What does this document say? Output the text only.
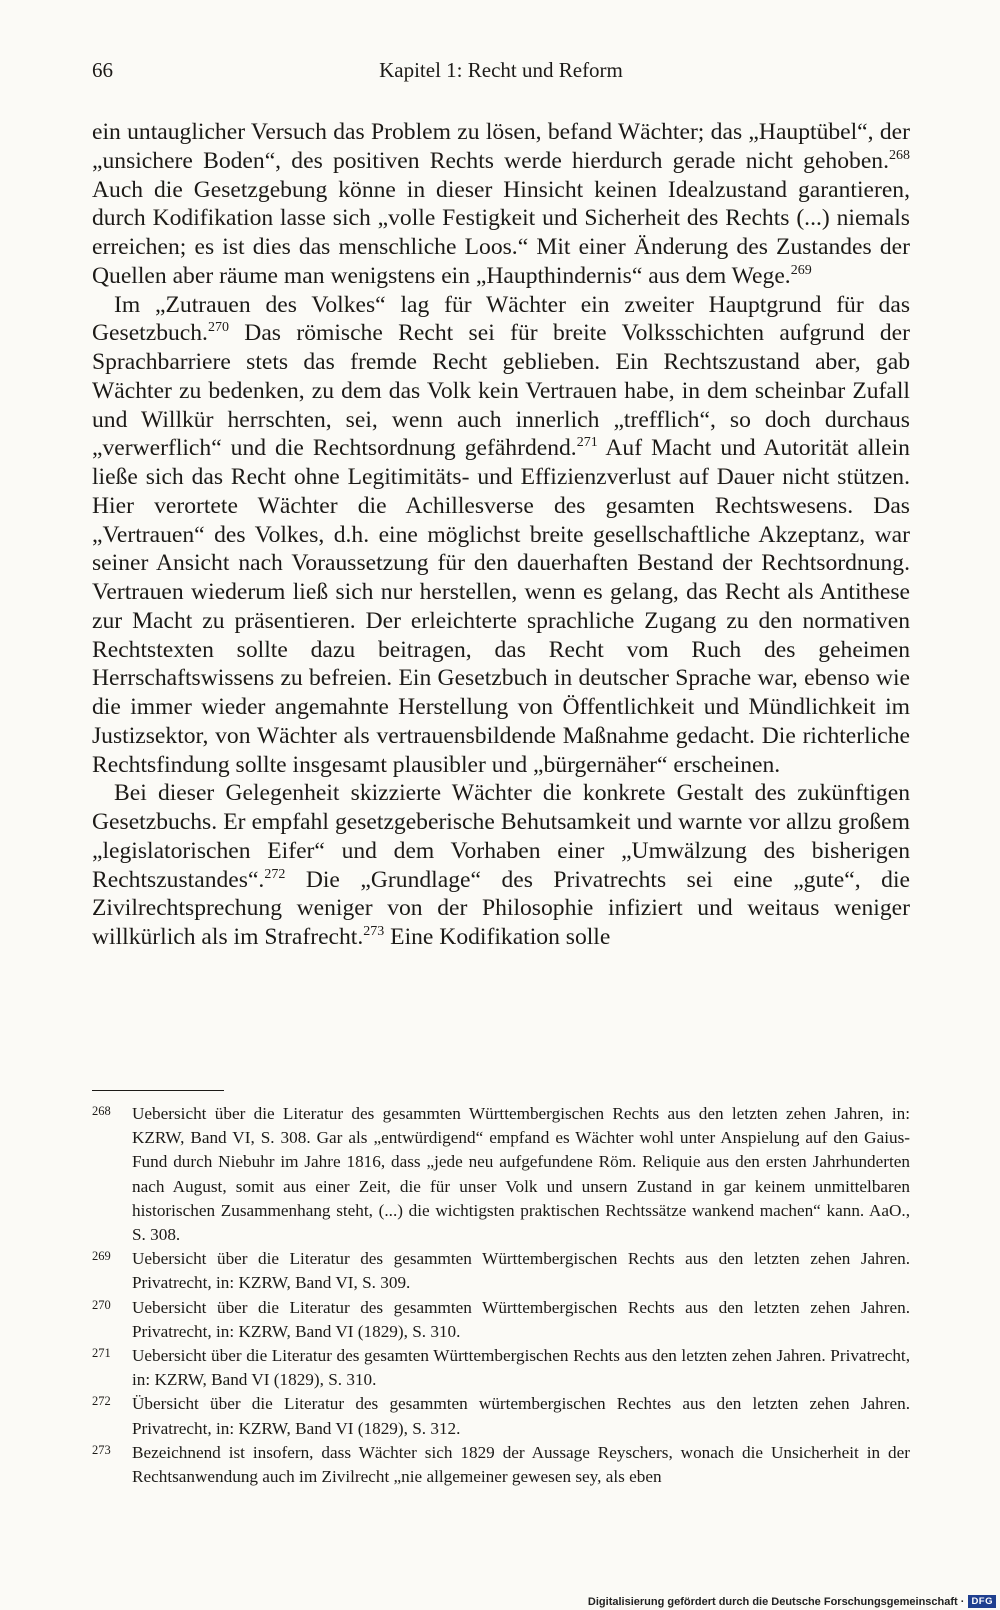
66	Kapitel 1: Recht und Reform

ein untauglicher Versuch das Problem zu lösen, befand Wächter; das „Hauptübel“, der „unsichere Boden“, des positiven Rechts werde hierdurch gerade nicht gehoben.$^{268}$ Auch die Gesetzgebung könne in dieser Hinsicht keinen Idealzustand garantieren, durch Kodifikation lasse sich „volle Festigkeit und Sicherheit des Rechts (...) niemals erreichen; es ist dies das menschliche Loos.“ Mit einer Änderung des Zustandes der Quellen aber räume man wenigstens ein „Haupthindernis“ aus dem Wege.$^{269}$

Im „Zutrauen des Volkes“ lag für Wächter ein zweiter Hauptgrund für das Gesetzbuch.$^{270}$ Das römische Recht sei für breite Volksschichten aufgrund der Sprachbarriere stets das fremde Recht geblieben. Ein Rechtszustand aber, gab Wächter zu bedenken, zu dem das Volk kein Vertrauen habe, in dem scheinbar Zufall und Willkür herrschten, sei, wenn auch innerlich „trefflich“, so doch durchaus „verwerflich“ und die Rechtsordnung gefährdend.$^{271}$ Auf Macht und Autorität allein ließe sich das Recht ohne Legitimitäts- und Effizienzverlust auf Dauer nicht stützen. Hier verortete Wächter die Achillesverse des gesamten Rechtswesens. Das „Vertrauen“ des Volkes, d.h. eine möglichst breite gesellschaftliche Akzeptanz, war seiner Ansicht nach Voraussetzung für den dauerhaften Bestand der Rechtsordnung. Vertrauen wiederum ließ sich nur herstellen, wenn es gelang, das Recht als Antithese zur Macht zu präsentieren. Der erleichterte sprachliche Zugang zu den normativen Rechtstexten sollte dazu beitragen, das Recht vom Ruch des geheimen Herrschaftswissens zu befreien. Ein Gesetzbuch in deutscher Sprache war, ebenso wie die immer wieder angemahnte Herstellung von Öffentlichkeit und Mündlichkeit im Justizsektor, von Wächter als vertrauensbildende Maßnahme gedacht. Die richterliche Rechtsfindung sollte insgesamt plausibler und „bürgernäher“ erscheinen.

Bei dieser Gelegenheit skizzierte Wächter die konkrete Gestalt des zukünftigen Gesetzbuchs. Er empfahl gesetzgeberische Behutsamkeit und warnte vor allzu großem „legislatorischen Eifer“ und dem Vorhaben einer „Umwälzung des bisherigen Rechtszustandes“.$^{272}$ Die „Grundlage“ des Privatrechts sei eine „gute“, die Zivilrechtsprechung weniger von der Philosophie infiziert und weitaus weniger willkürlich als im Strafrecht.$^{273}$ Eine Kodifikation solle

268 Uebersicht über die Literatur des gesammten Württembergischen Rechts aus den letzten zehen Jahren, in: KZRW, Band VI, S. 308. Gar als „entwürdigend“ empfand es Wächter wohl unter Anspielung auf den Gaius-Fund durch Niebuhr im Jahre 1816, dass „jede neu aufgefundene Röm. Reliquie aus den ersten Jahrhunderten nach August, somit aus einer Zeit, die für unser Volk und unsern Zustand in gar keinem unmittelbaren historischen Zusammenhang steht, (...) die wichtigsten praktischen Rechtssätze wankend machen“ kann. AaO., S. 308.
269 Uebersicht über die Literatur des gesammten Württembergischen Rechts aus den letzten zehen Jahren. Privatrecht, in: KZRW, Band VI, S. 309.
270 Uebersicht über die Literatur des gesammten Württembergischen Rechts aus den letzten zehen Jahren. Privatrecht, in: KZRW, Band VI (1829), S. 310.
271 Uebersicht über die Literatur des gesamten Württembergischen Rechts aus den letzten zehen Jahren. Privatrecht, in: KZRW, Band VI (1829), S. 310.
272 Übersicht über die Literatur des gesammten würtembergischen Rechtes aus den letzten zehen Jahren. Privatrecht, in: KZRW, Band VI (1829), S. 312.
273 Bezeichnend ist insofern, dass Wächter sich 1829 der Aussage Reyschers, wonach die Unsicherheit in der Rechtsanwendung auch im Zivilrecht „nie allgemeiner gewesen sey, als eben
Digitalisierung gefördert durch die Deutsche Forschungsgemeinschaft · DFG
